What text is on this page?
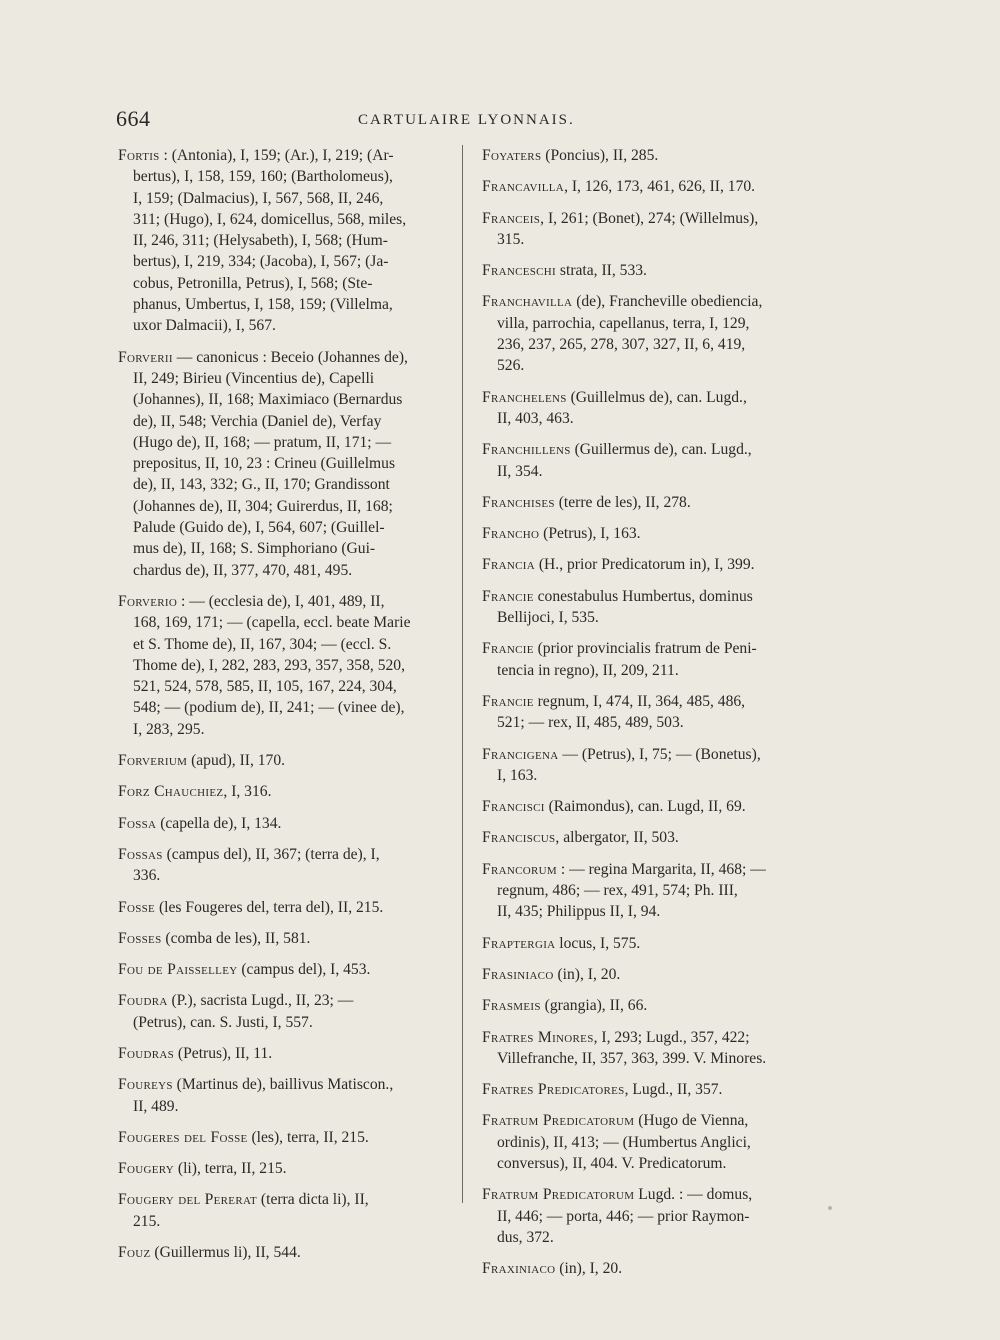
664	CARTULAIRE LYONNAIS.

Fortis : (Antonia), I, 159; (Ar.), I, 219; (Ar-
bertus), I, 158, 159, 160; (Bartholomeus),
I, 159; (Dalmacius), I, 567, 568, II, 246,
311; (Hugo), I, 624, domicellus, 568, miles,
II, 246, 311; (Helysabeth), I, 568; (Hum-
bertus), I, 219, 334; (Jacoba), I, 567; (Ja-
cobus, Petronilla, Petrus), I, 568; (Ste-
phanus, Umbertus, I, 158, 159; (Villelma,
uxor Dalmacii), I, 567.

Forverii — canonicus : Beceio (Johannes de),
II, 249; Birieu (Vincentius de), Capelli
(Johannes), II, 168; Maximiaco (Bernardus
de), II, 548; Verchia (Daniel de), Verfay
(Hugo de), II, 168; — pratum, II, 171; —
prepositus, II, 10, 23 : Crineu (Guillelmus
de), II, 143, 332; G., II, 170; Grandissont
(Johannes de), II, 304; Guirerdus, II, 168;
Palude (Guido de), I, 564, 607; (Guillel-
mus de), II, 168; S. Simphoriano (Gui-
chardus de), II, 377, 470, 481, 495.

Forverio : — (ecclesia de), I, 401, 489, II,
168, 169, 171; — (capella, eccl. beate Marie
et S. Thome de), II, 167, 304; — (eccl. S.
Thome de), I, 282, 283, 293, 357, 358, 520,
521, 524, 578, 585, II, 105, 167, 224, 304,
548; — (podium de), II, 241; — (vinee de),
I, 283, 295.

Forverium (apud), II, 170.

Forz Chauchiez, I, 316.

Fossa (capella de), I, 134.

Fossas (campus del), II, 367; (terra de), I,
336.

Fosse (les Fougeres del, terra del), II, 215.

Fosses (comba de les), II, 581.

Fou de Paisselley (campus del), I, 453.

Foudra (P.), sacrista Lugd., II, 23; —
(Petrus), can. S. Justi, I, 557.

Foudras (Petrus), II, 11.

Foureys (Martinus de), baillivus Matiscon.,
II, 489.

Fougeres del Fosse (les), terra, II, 215.

Fougery (li), terra, II, 215.

Fougery del Pererat (terra dicta li), II,
215.

Fouz (Guillermus li), II, 544.

Foyaters (Poncius), II, 285.

Francavilla, I, 126, 173, 461, 626, II, 170.

Franceis, I, 261; (Bonet), 274; (Willelmus),
315.

Franceschi strata, II, 533.

Franchavilla (de), Francheville obediencia,
villa, parrochia, capellanus, terra, I, 129,
236, 237, 265, 278, 307, 327, II, 6, 419,
526.

Franchelens (Guillelmus de), can. Lugd.,
II, 403, 463.

Franchillens (Guillermus de), can. Lugd.,
II, 354.

Franchises (terre de les), II, 278.

Francho (Petrus), I, 163.

Francia (H., prior Predicatorum in), I, 399.

Francie conestabulus Humbertus, dominus
Bellijoci, I, 535.

Francie (prior provincialis fratrum de Peni-
tencia in regno), II, 209, 211.

Francie regnum, I, 474, II, 364, 485, 486,
521; — rex, II, 485, 489, 503.

Francigena — (Petrus), I, 75; — (Bonetus),
I, 163.

Francisci (Raimondus), can. Lugd, II, 69.

Franciscus, albergator, II, 503.

Francorum : — regina Margarita, II, 468; —
regnum, 486; — rex, 491, 574; Ph. III,
II, 435; Philippus II, I, 94.

Fraptergia locus, I, 575.

Frasiniaco (in), I, 20.

Frasmeis (grangia), II, 66.

Fratres Minores, I, 293; Lugd., 357, 422;
Villefranche, II, 357, 363, 399. V. Minores.

Fratres Predicatores, Lugd., II, 357.

Fratrum Predicatorum (Hugo de Vienna,
ordinis), II, 413; — (Humbertus Anglici,
conversus), II, 404. V. Predicatorum.

Fratrum Predicatorum Lugd. : — domus,
II, 446; — porta, 446; — prior Raymon-
dus, 372.

Fraxiniaco (in), I, 20.
